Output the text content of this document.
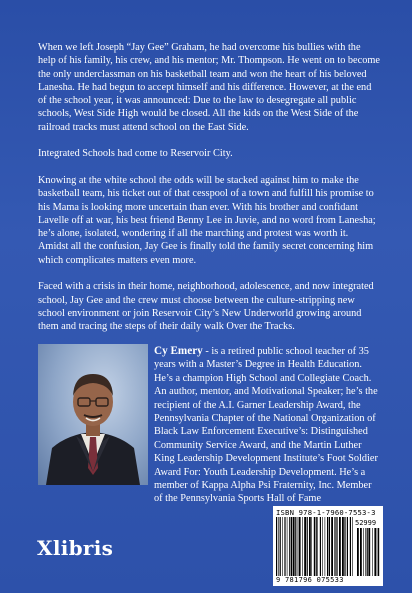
When we left Joseph “Jay Gee” Graham, he had overcome his bullies with the help of his family, his crew, and his mentor; Mr. Thompson. He went on to become the only underclassman on his basketball team and won the heart of his beloved Lanesha. He had begun to accept himself and his difference. However, at the end of the school year, it was announced: Due to the law to desegregate all public schools, West Side High would be closed. All the kids on the West Side of the railroad tracks must attend school on the East Side.

Integrated Schools had come to Reservoir City.

Knowing at the white school the odds will be stacked against him to make the basketball team, his ticket out of that cesspool of a town and fulfill his promise to his Mama is looking more uncertain than ever. With his brother and confidant Lavelle off at war, his best friend Benny Lee in Juvie, and no word from Lanesha; he’s alone, isolated, wondering if all the marching and protest was worth it. Amidst all the confusion, Jay Gee is finally told the family secret concerning him which complicates matters even more.

Faced with a crisis in their home, neighborhood, adolescence, and now integrated school, Jay Gee and the crew must choose between the culture-stripping new school environment or join Reservoir City’s New Underworld growing around them and tracing the steps of their daily walk Over the Tracks.

Cy Emery - is a retired public school teacher of 35 years with a Master’s Degree in Health Education. He’s a champion High School and Collegiate Coach. An author, mentor, and Motivational Speaker; he’s the recipient of the A.I. Garner Leadership Award, the Pennsylvania Chapter of the National Organization of Black Law Enforcement Executive’s: Distinguished Community Service Award, and the Martin Luther King Leadership Development Institute’s Foot Soldier Award For: Youth Leadership Development. He’s a member of Kappa Alpha Psi Fraternity, Inc. Member of the Pennsylvania Sports Hall of Fame
ISBN 978-1-7960-7553-3
52999
9 781796 075533
Xlibris
